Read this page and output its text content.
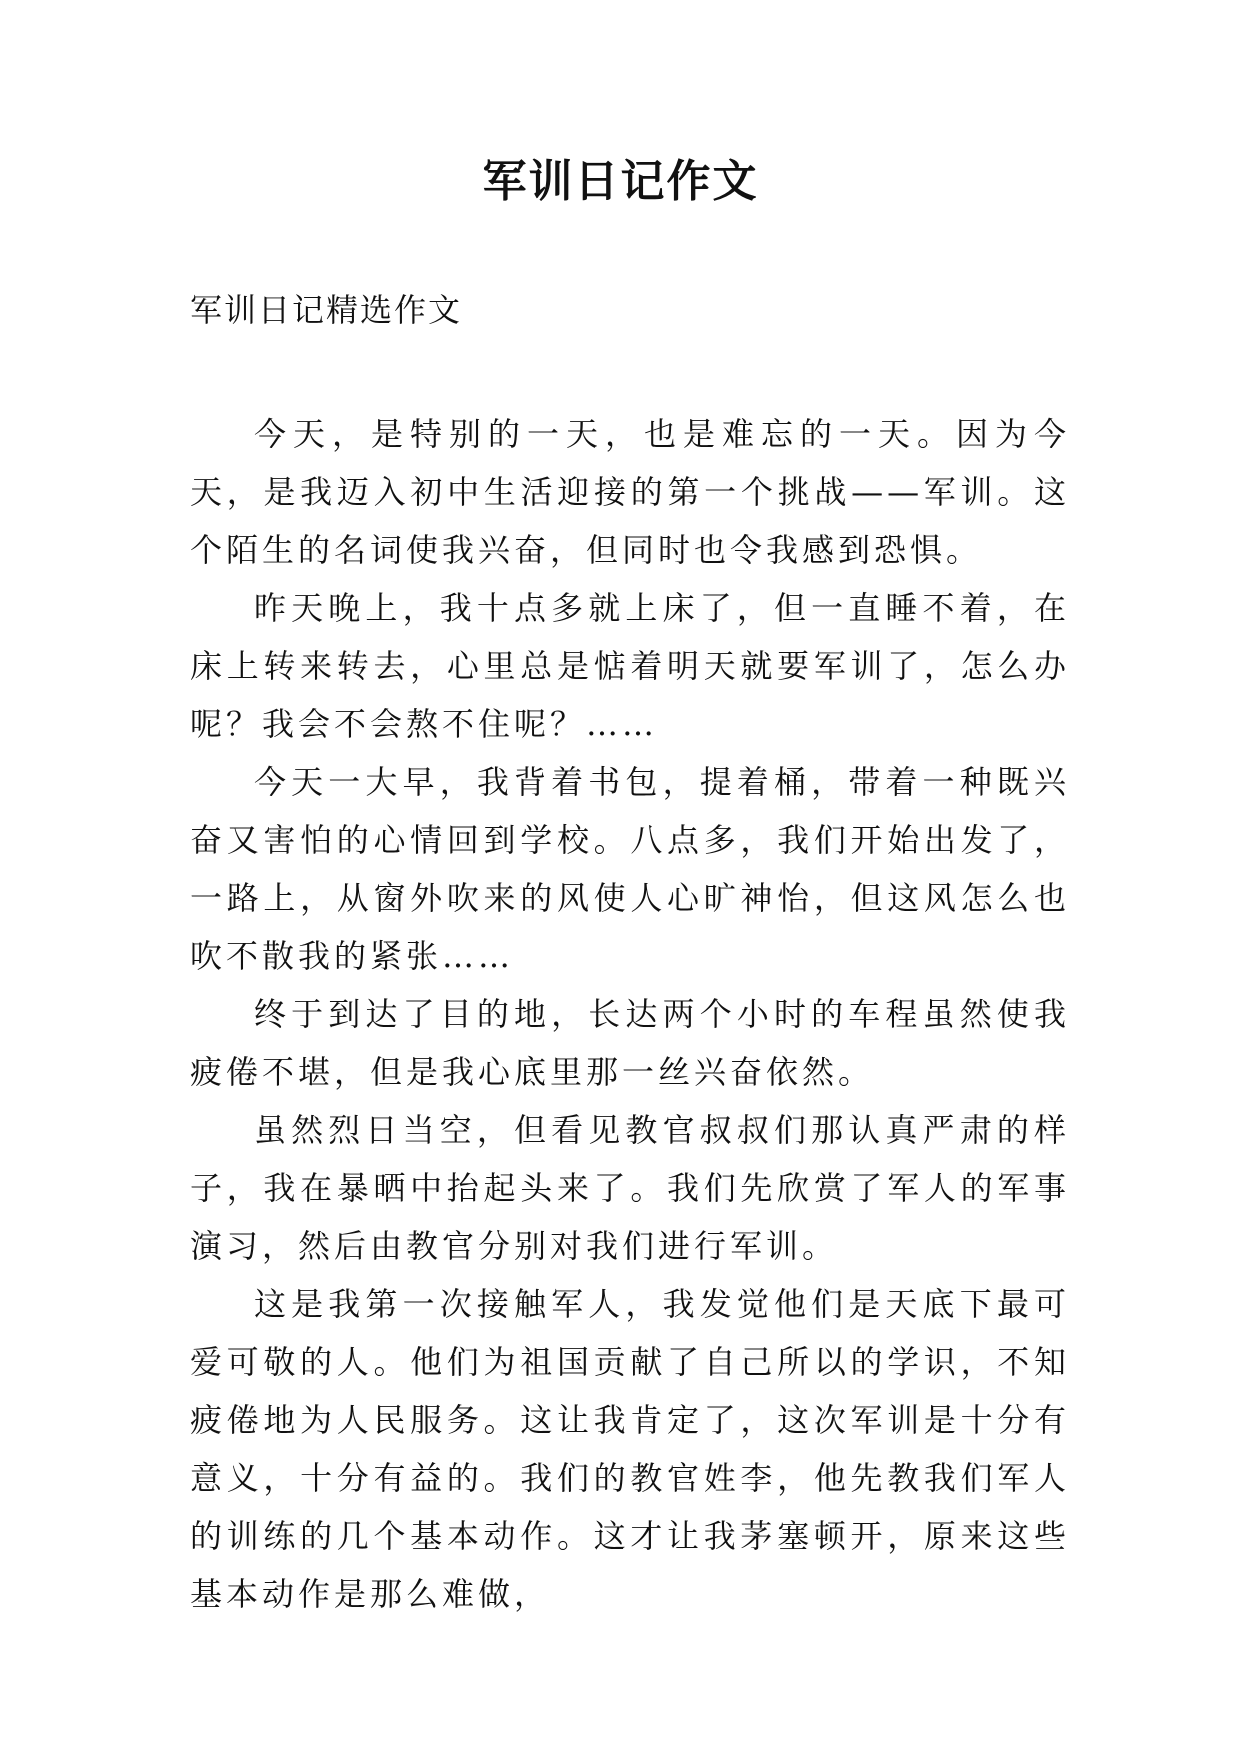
军训日记作文

军训日记精选作文

今天，是特别的一天，也是难忘的一天。因为今天，是我迈入初中生活迎接的第一个挑战——军训。这个陌生的名词使我兴奋，但同时也令我感到恐惧。

昨天晚上，我十点多就上床了，但一直睡不着，在床上转来转去，心里总是惦着明天就要军训了，怎么办呢？我会不会熬不住呢？……

今天一大早，我背着书包，提着桶，带着一种既兴奋又害怕的心情回到学校。八点多，我们开始出发了，一路上，从窗外吹来的风使人心旷神怡，但这风怎么也吹不散我的紧张……

终于到达了目的地，长达两个小时的车程虽然使我疲倦不堪，但是我心底里那一丝兴奋依然。

虽然烈日当空，但看见教官叔叔们那认真严肃的样子，我在暴晒中抬起头来了。我们先欣赏了军人的军事演习，然后由教官分别对我们进行军训。

这是我第一次接触军人，我发觉他们是天底下最可爱可敬的人。他们为祖国贡献了自己所以的学识，不知疲倦地为人民服务。这让我肯定了，这次军训是十分有意义，十分有益的。我们的教官姓李，他先教我们军人的训练的几个基本动作。这才让我茅塞顿开，原来这些基本动作是那么难做，
